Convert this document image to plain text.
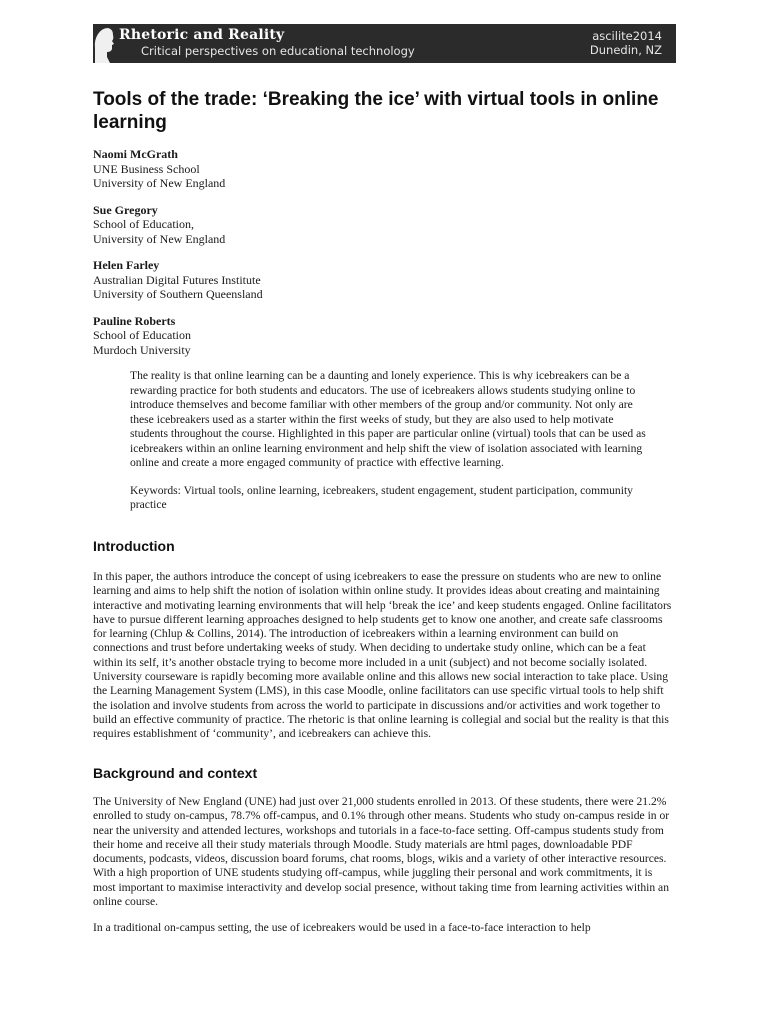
Rhetoric and Reality
Critical perspectives on educational technology
ascilite2014
Dunedin, NZ
Tools of the trade: ‘Breaking the ice’ with virtual tools in online learning
Naomi McGrath
UNE Business School
University of New England
Sue Gregory
School of Education,
University of New England
Helen Farley
Australian Digital Futures Institute
University of Southern Queensland
Pauline Roberts
School of Education
Murdoch University

The reality is that online learning can be a daunting and lonely experience. This is why icebreakers can be a rewarding practice for both students and educators. The use of icebreakers allows students studying online to introduce themselves and become familiar with other members of the group and/or community. Not only are these icebreakers used as a starter within the first weeks of study, but they are also used to help motivate students throughout the course. Highlighted in this paper are particular online (virtual) tools that can be used as icebreakers within an online learning environment and help shift the view of isolation associated with learning online and create a more engaged community of practice with effective learning.

Keywords: Virtual tools, online learning, icebreakers, student engagement, student participation, community practice

Introduction

In this paper, the authors introduce the concept of using icebreakers to ease the pressure on students who are new to online learning and aims to help shift the notion of isolation within online study. It provides ideas about creating and maintaining interactive and motivating learning environments that will help ‘break the ice’ and keep students engaged. Online facilitators have to pursue different learning approaches designed to help students get to know one another, and create safe classrooms for learning (Chlup & Collins, 2014). The introduction of icebreakers within a learning environment can build on connections and trust before undertaking weeks of study. When deciding to undertake study online, which can be a feat within its self, it’s another obstacle trying to become more included in a unit (subject) and not become socially isolated. University courseware is rapidly becoming more available online and this allows new social interaction to take place. Using the Learning Management System (LMS), in this case Moodle, online facilitators can use specific virtual tools to help shift the isolation and involve students from across the world to participate in discussions and/or activities and work together to build an effective community of practice. The rhetoric is that online learning is collegial and social but the reality is that this requires establishment of ‘community’, and icebreakers can achieve this.

Background and context

The University of New England (UNE) had just over 21,000 students enrolled in 2013. Of these students, there were 21.2% enrolled to study on-campus, 78.7% off-campus, and 0.1% through other means. Students who study on-campus reside in or near the university and attended lectures, workshops and tutorials in a face-to-face setting. Off-campus students study from their home and receive all their study materials through Moodle. Study materials are html pages, downloadable PDF documents, podcasts, videos, discussion board forums, chat rooms, blogs, wikis and a variety of other interactive resources. With a high proportion of UNE students studying off-campus, while juggling their personal and work commitments, it is most important to maximise interactivity and develop social presence, without taking time from learning activities within an online course.

In a traditional on-campus setting, the use of icebreakers would be used in a face-to-face interaction to help
